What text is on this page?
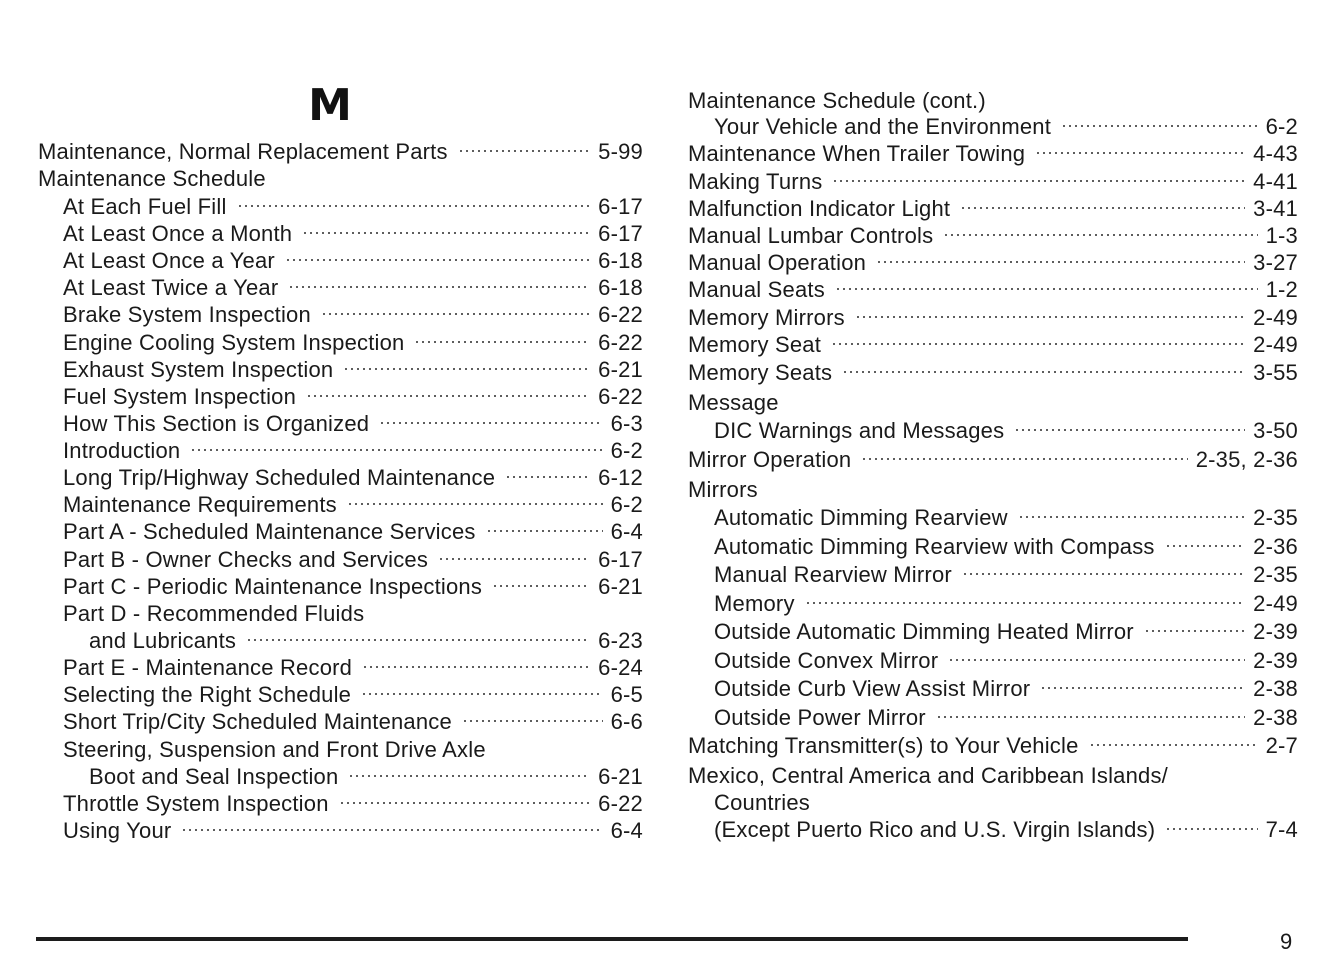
M
Maintenance, Normal Replacement Parts	5-99
Maintenance Schedule
At Each Fuel Fill	6-17
At Least Once a Month	6-17
At Least Once a Year	6-18
At Least Twice a Year	6-18
Brake System Inspection	6-22
Engine Cooling System Inspection	6-22
Exhaust System Inspection	6-21
Fuel System Inspection	6-22
How This Section is Organized	6-3
Introduction	6-2
Long Trip/Highway Scheduled Maintenance	6-12
Maintenance Requirements	6-2
Part A - Scheduled Maintenance Services	6-4
Part B - Owner Checks and Services	6-17
Part C - Periodic Maintenance Inspections	6-21
Part D - Recommended Fluids
and Lubricants	6-23
Part E - Maintenance Record	6-24
Selecting the Right Schedule	6-5
Short Trip/City Scheduled Maintenance	6-6
Steering, Suspension and Front Drive Axle
Boot and Seal Inspection	6-21
Throttle System Inspection	6-22
Using Your	6-4
Maintenance Schedule (cont.)
Your Vehicle and the Environment	6-2
Maintenance When Trailer Towing	4-43
Making Turns	4-41
Malfunction Indicator Light	3-41
Manual Lumbar Controls	1-3
Manual Operation	3-27
Manual Seats	1-2
Memory Mirrors	2-49
Memory Seat	2-49
Memory Seats	3-55
Message
DIC Warnings and Messages	3-50
Mirror Operation	2-35, 2-36
Mirrors
Automatic Dimming Rearview	2-35
Automatic Dimming Rearview with Compass	2-36
Manual Rearview Mirror	2-35
Memory	2-49
Outside Automatic Dimming Heated Mirror	2-39
Outside Convex Mirror	2-39
Outside Curb View Assist Mirror	2-38
Outside Power Mirror	2-38
Matching Transmitter(s) to Your Vehicle	2-7
Mexico, Central America and Caribbean Islands/
Countries
(Except Puerto Rico and U.S. Virgin Islands)	7-4
9
